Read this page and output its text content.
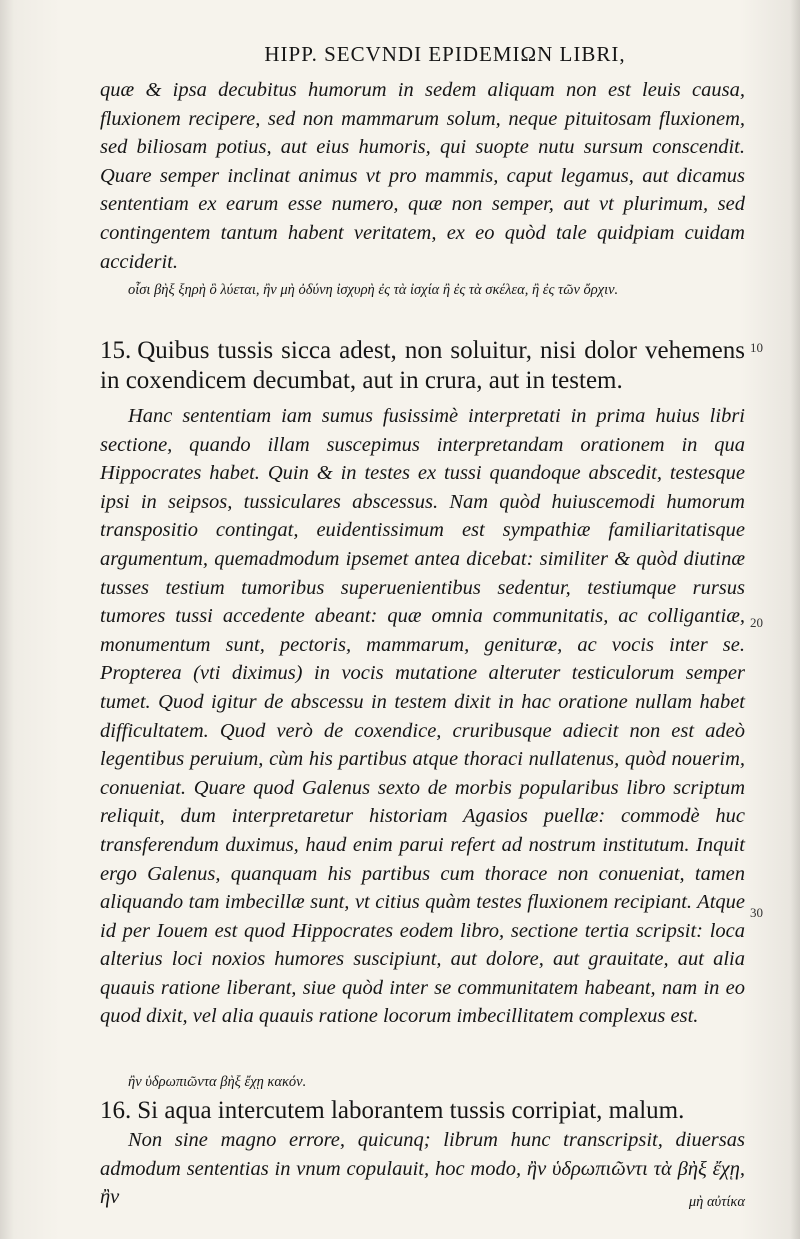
HIPP. SECVNDI EPIDEMIΩN LIBRI,
quæ & ipsa decubitus humorum in sedem aliquam non est leuis causa, fluxionem recipere, sed non mammarum solum, neque pituitosam fluxionem, sed biliosam potius, aut eius humoris, qui suopte nutu sursum conscendit. Quare semper inclinat animus vt pro mammis, caput legamus, aut dicamus sententiam ex earum esse numero, quæ non semper, aut vt plurimum, sed contingentem tantum habent veritatem, ex eo quòd tale quidpiam cuidam acciderit.
οἷσι βὴξ ξηρὴ ὃ λύεται, ἢν μὴ ὀδύνη ἰσχυρὴ ἐς τὰ ἰσχία ἢ ἐς τὰ σκέλεα, ἢ ἐς τῶν ὄρχιν.
15. Quibus tussis sicca adest, non soluitur, nisi dolor vehemens in coxendicem decumbat, aut in crura, aut in testem.
Hanc sententiam iam sumus fusissimè interpretati in prima huius libri sectione, quando illam suscepimus interpretandam orationem in qua Hippocrates habet. Quin & in testes ex tussi quandoque abscedit, testesque ipsi in seipsos, tussiculares abscessus. Nam quòd huiuscemodi humorum transpositio contingat, euidentissimum est sympathiæ familiaritatisque argumentum, quemadmodum ipsemet antea dicebat: similiter & quòd diutinæ tusses testium tumoribus superuenientibus sedentur, testiumque rursus tumores tussi accedente abeant: quæ omnia communitatis, ac colligantiæ, monumentum sunt, pectoris, mammarum, genituræ, ac vocis inter se. Propterea (vti diximus) in vocis mutatione alteruter testiculorum semper tumet. Quod igitur de abscessu in testem dixit in hac oratione nullam habet difficultatem. Quod verò de coxendice, cruribusque adiecit non est adeò legentibus peruium, cùm his partibus atque thoraci nullatenus, quòd nouerim, conueniat. Quare quod Galenus sexto de morbis popularibus libro scriptum reliquit, dum interpretaretur historiam Agasios puellæ: commodè huc transferendum duximus, haud enim parui refert ad nostrum institutum. Inquit ergo Galenus, quanquam his partibus cum thorace non conueniat, tamen aliquando tam imbecillæ sunt, vt citius quàm testes fluxionem recipiant. Atque id per Iouem est quod Hippocrates eodem libro, sectione tertia scripsit: loca alterius loci noxios humores suscipiunt, aut dolore, aut grauitate, aut alia quauis ratione liberant, siue quòd inter se communitatem habeant, nam in eo quod dixit, vel alia quauis ratione locorum imbecillitatem complexus est.
ἢν ὑδρωπιῶντα βὴξ ἔχῃ κακόν.
16. Si aqua intercutem laborantem tussis corripiat, malum.
Non sine magno errore, quicunq; librum hunc transcripsit, diuersas admodum sententias in vnum copulauit, hoc modo, ἢν ὑδρωπιῶντι τὰ βὴξ ἔχῃ, ἢν	μὴ αὐτίκα
10
20
30
